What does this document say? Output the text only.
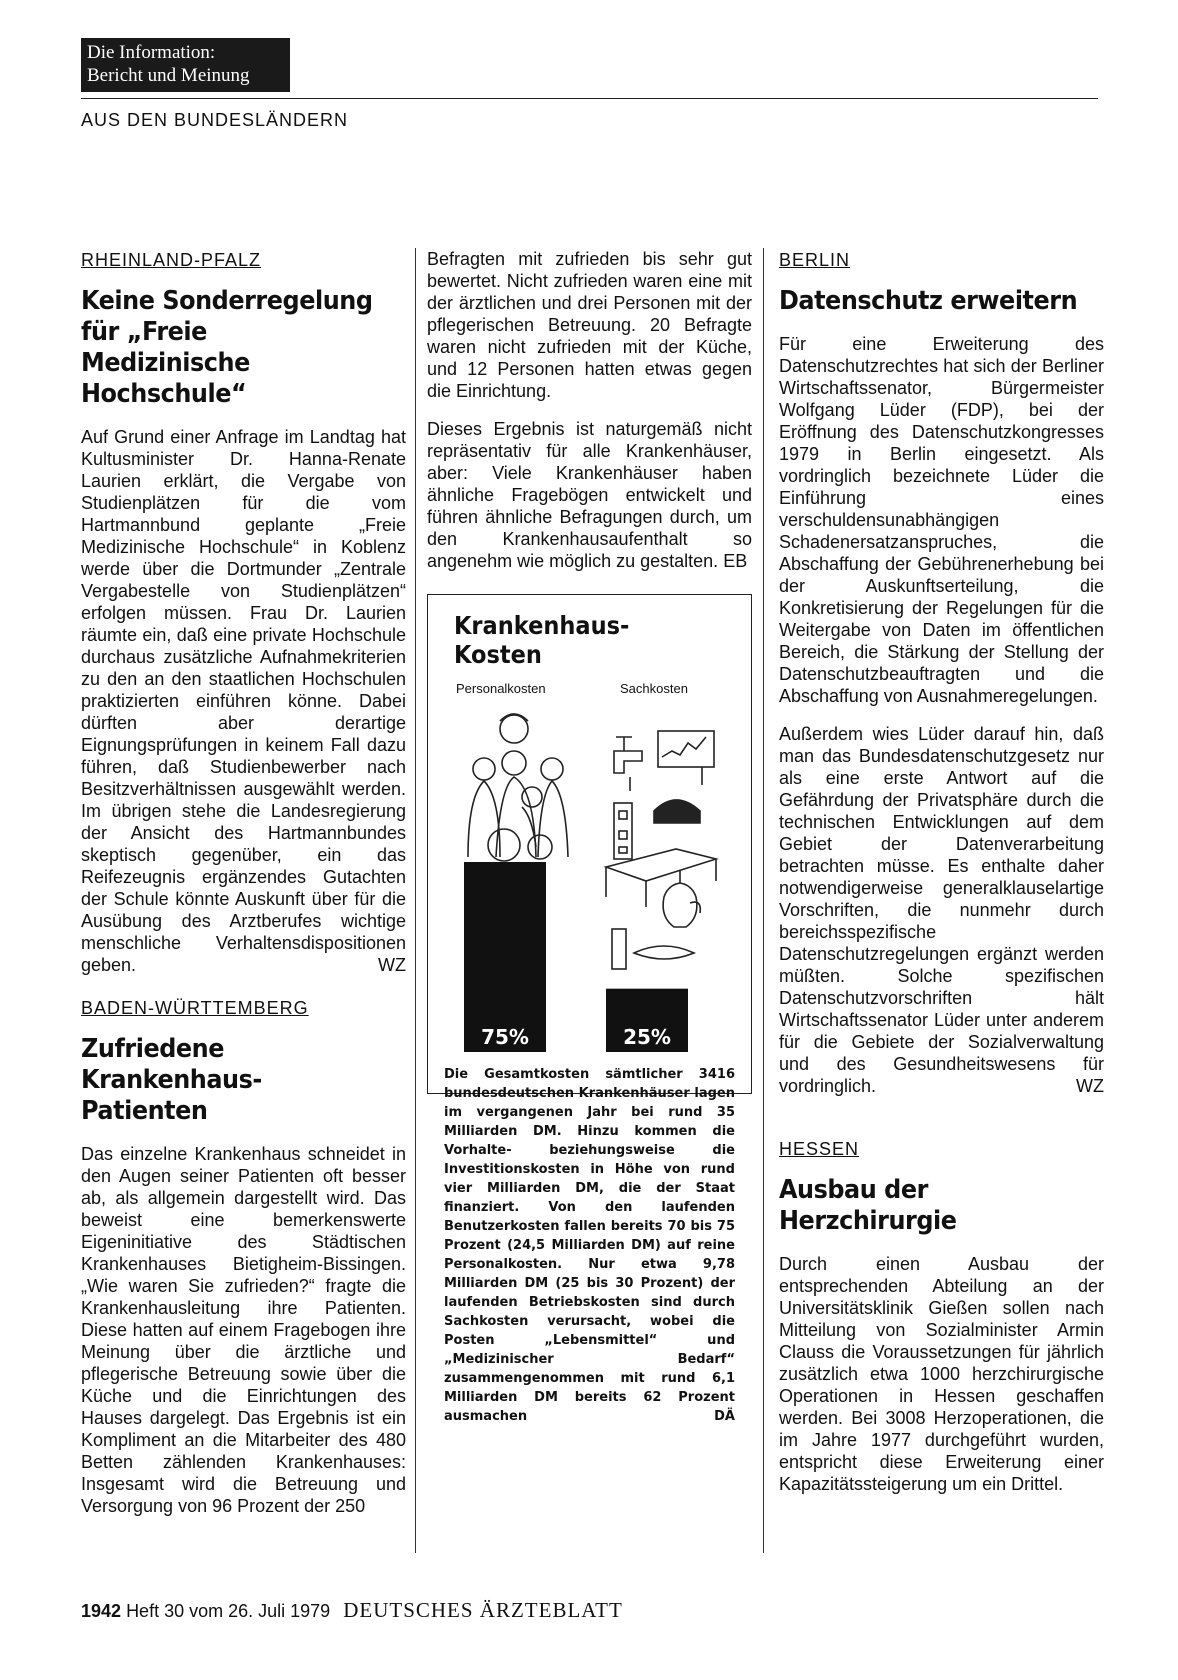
Die Information:
Bericht und Meinung
AUS DEN BUNDESLÄNDERN

RHEINLAND-PFALZ

Keine Sonderregelung für „Freie Medizinische Hochschule“

Auf Grund einer Anfrage im Landtag hat Kultusminister Dr. Hanna-Renate Laurien erklärt, die Vergabe von Studienplätzen für die vom Hartmannbund geplante „Freie Medizinische Hochschule“ in Koblenz werde über die Dortmunder „Zentrale Vergabestelle von Studienplätzen“ erfolgen müssen. Frau Dr. Laurien räumte ein, daß eine private Hochschule durchaus zusätzliche Aufnahmekriterien zu den an den staatlichen Hochschulen praktizierten einführen könne. Dabei dürften aber derartige Eignungsprüfungen in keinem Fall dazu führen, daß Studienbewerber nach Besitzverhältnissen ausgewählt werden. Im übrigen stehe die Landesregierung der Ansicht des Hartmannbundes skeptisch gegenüber, ein das Reifezeugnis ergänzendes Gutachten der Schule könnte Auskunft über für die Ausübung des Arztberufes wichtige menschliche Verhaltensdispositionen geben.	WZ

BADEN-WÜRTTEMBERG

Zufriedene Krankenhaus-Patienten

Das einzelne Krankenhaus schneidet in den Augen seiner Patienten oft besser ab, als allgemein dargestellt wird. Das beweist eine bemerkenswerte Eigeninitiative des Städtischen Krankenhauses Bietigheim-Bissingen. „Wie waren Sie zufrieden?“ fragte die Krankenhausleitung ihre Patienten. Diese hatten auf einem Fragebogen ihre Meinung über die ärztliche und pflegerische Betreuung sowie über die Küche und die Einrichtungen des Hauses dargelegt. Das Ergebnis ist ein Kompliment an die Mitarbeiter des 480 Betten zählenden Krankenhauses: Insgesamt wird die Betreuung und Versorgung von 96 Prozent der 250

Befragten mit zufrieden bis sehr gut bewertet. Nicht zufrieden waren eine mit der ärztlichen und drei Personen mit der pflegerischen Betreuung. 20 Befragte waren nicht zufrieden mit der Küche, und 12 Personen hatten etwas gegen die Einrichtung.

Dieses Ergebnis ist naturgemäß nicht repräsentativ für alle Krankenhäuser, aber: Viele Krankenhäuser haben ähnliche Fragebögen entwickelt und führen ähnliche Befragungen durch, um den Krankenhausaufenthalt so angenehm wie möglich zu gestalten. EB

Krankenhaus-Kosten
Personalkosten	Sachkosten
75%	25%

Die Gesamtkosten sämtlicher 3416 bundesdeutschen Krankenhäuser lagen im vergangenen Jahr bei rund 35 Milliarden DM. Hinzu kommen die Vorhalte- beziehungsweise die Investitionskosten in Höhe von rund vier Milliarden DM, die der Staat finanziert. Von den laufenden Benutzerkosten fallen bereits 70 bis 75 Prozent (24,5 Milliarden DM) auf reine Personalkosten. Nur etwa 9,78 Milliarden DM (25 bis 30 Prozent) der laufenden Betriebskosten sind durch Sachkosten verursacht, wobei die Posten „Lebensmittel“ und „Medizinischer Bedarf“ zusammengenommen mit rund 6,1 Milliarden DM bereits 62 Prozent ausmachen	DÄ

BERLIN

Datenschutz erweitern

Für eine Erweiterung des Datenschutzrechtes hat sich der Berliner Wirtschaftssenator, Bürgermeister Wolfgang Lüder (FDP), bei der Eröffnung des Datenschutzkongresses 1979 in Berlin eingesetzt. Als vordringlich bezeichnete Lüder die Einführung eines verschuldensunabhängigen Schadenersatzanspruches, die Abschaffung der Gebührenerhebung bei der Auskunftserteilung, die Konkretisierung der Regelungen für die Weitergabe von Daten im öffentlichen Bereich, die Stärkung der Stellung der Datenschutzbeauftragten und die Abschaffung von Ausnahmeregelungen.

Außerdem wies Lüder darauf hin, daß man das Bundesdatenschutzgesetz nur als eine erste Antwort auf die Gefährdung der Privatsphäre durch die technischen Entwicklungen auf dem Gebiet der Datenverarbeitung betrachten müsse. Es enthalte daher notwendigerweise generalklauselartige Vorschriften, die nunmehr durch bereichsspezifische Datenschutzregelungen ergänzt werden müßten. Solche spezifischen Datenschutzvorschriften hält Wirtschaftssenator Lüder unter anderem für die Gebiete der Sozialverwaltung und des Gesundheitswesens für vordringlich.	WZ

HESSEN

Ausbau der Herzchirurgie

Durch einen Ausbau der entsprechenden Abteilung an der Universitätsklinik Gießen sollen nach Mitteilung von Sozialminister Armin Clauss die Voraussetzungen für jährlich zusätzlich etwa 1000 herzchirurgische Operationen in Hessen geschaffen werden. Bei 3008 Herzoperationen, die im Jahre 1977 durchgeführt wurden, entspricht diese Erweiterung einer Kapazitätssteigerung um ein Drittel.

1942 Heft 30 vom 26. Juli 1979 DEUTSCHES ÄRZTEBLATT
